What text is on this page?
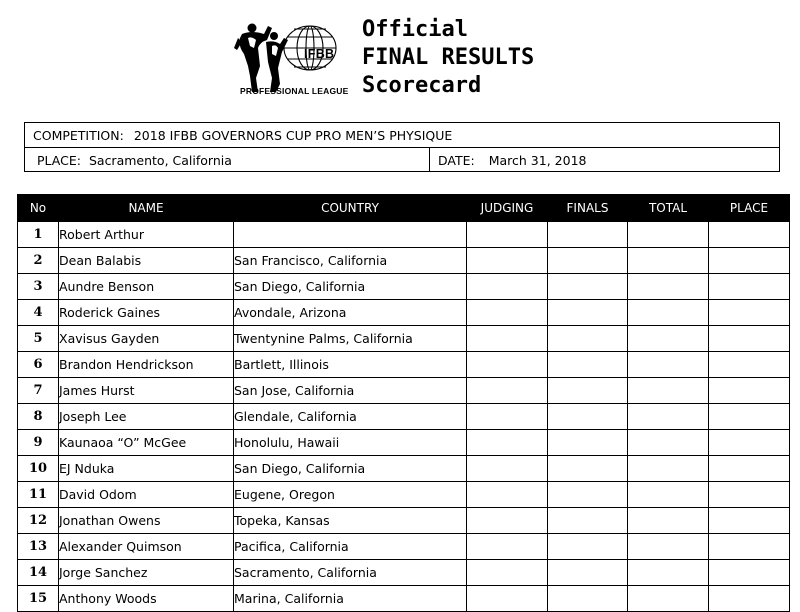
IFBB
PROFESSIONAL LEAGUE
Official
FINAL RESULTS
Scorecard
COMPETITION: 2018 IFBB GOVERNORS CUP PRO MEN’S PHYSIQUE
PLACE: Sacramento, California	DATE: March 31, 2018
No	NAME	COUNTRY	JUDGING	FINALS	TOTAL	PLACE
1	Robert Arthur					
2	Dean Balabis	San Francisco, California				
3	Aundre Benson	San Diego, California				
4	Roderick Gaines	Avondale, Arizona				
5	Xavisus Gayden	Twentynine Palms, California				
6	Brandon Hendrickson	Bartlett, Illinois				
7	James Hurst	San Jose, California				
8	Joseph Lee	Glendale, California				
9	Kaunaoa “O” McGee	Honolulu, Hawaii				
10	EJ Nduka	San Diego, California				
11	David Odom	Eugene, Oregon				
12	Jonathan Owens	Topeka, Kansas				
13	Alexander Quimson	Pacifica, California				
14	Jorge Sanchez	Sacramento, California				
15	Anthony Woods	Marina, California				
